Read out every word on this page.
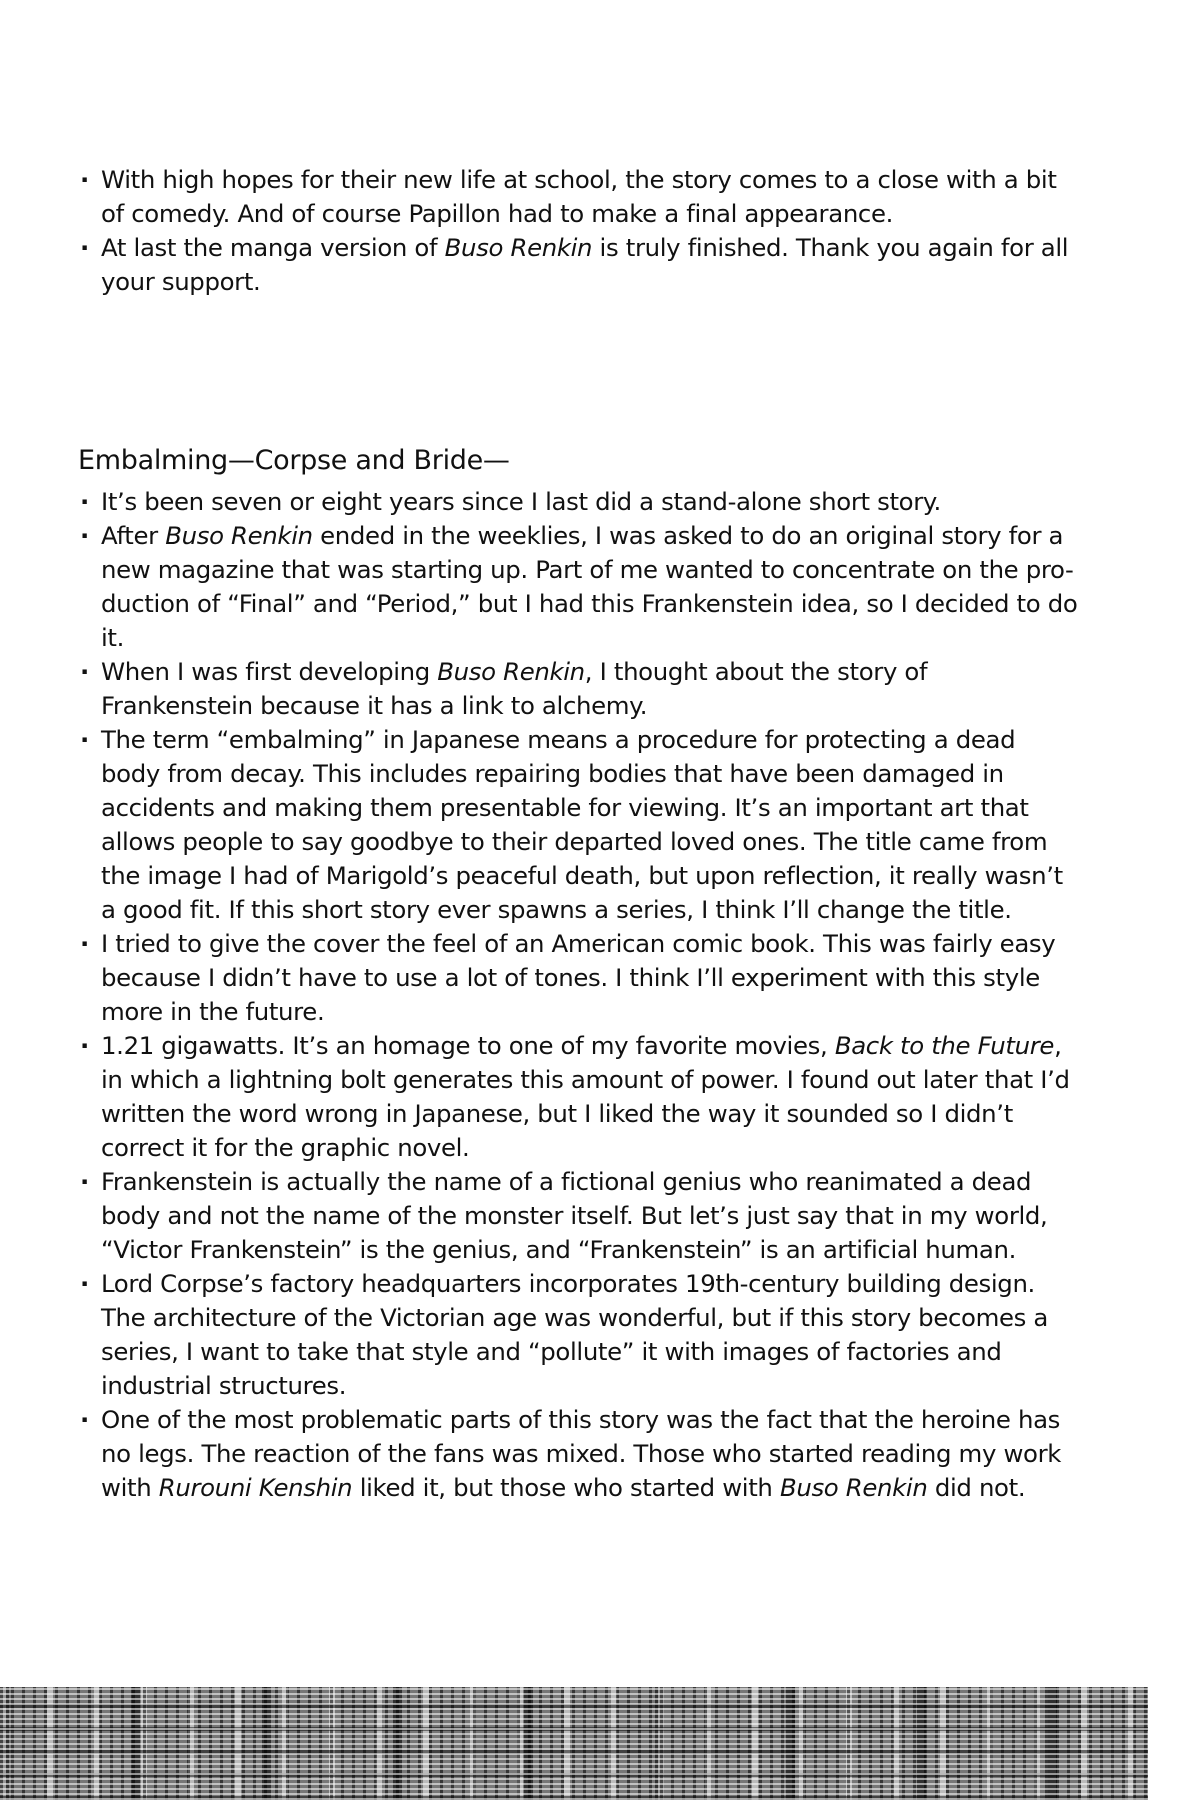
· With high hopes for their new life at school, the story comes to a close with a bit of comedy. And of course Papillon had to make a final appearance.
· At last the manga version of Buso Renkin is truly finished. Thank you again for all your support.
Embalming—Corpse and Bride—
· It’s been seven or eight years since I last did a stand-alone short story.
· After Buso Renkin ended in the weeklies, I was asked to do an original story for a new magazine that was starting up. Part of me wanted to concentrate on the pro-duction of “Final” and “Period,” but I had this Frankenstein idea, so I decided to do it.
· When I was first developing Buso Renkin, I thought about the story of Frankenstein because it has a link to alchemy.
· The term “embalming” in Japanese means a procedure for protecting a dead body from decay. This includes repairing bodies that have been damaged in accidents and making them presentable for viewing. It’s an important art that allows people to say goodbye to their departed loved ones. The title came from the image I had of Marigold’s peaceful death, but upon reflection, it really wasn’t a good fit. If this short story ever spawns a series, I think I’ll change the title.
· I tried to give the cover the feel of an American comic book. This was fairly easy because I didn’t have to use a lot of tones. I think I’ll experiment with this style more in the future.
· 1.21 gigawatts. It’s an homage to one of my favorite movies, Back to the Future, in which a lightning bolt generates this amount of power. I found out later that I’d written the word wrong in Japanese, but I liked the way it sounded so I didn’t correct it for the graphic novel.
· Frankenstein is actually the name of a fictional genius who reanimated a dead body and not the name of the monster itself. But let’s just say that in my world, “Victor Frankenstein” is the genius, and “Frankenstein” is an artificial human.
· Lord Corpse’s factory headquarters incorporates 19th-century building design. The architecture of the Victorian age was wonderful, but if this story becomes a series, I want to take that style and “pollute” it with images of factories and industrial structures.
· One of the most problematic parts of this story was the fact that the heroine has no legs. The reaction of the fans was mixed. Those who started reading my work with Rurouni Kenshin liked it, but those who started with Buso Renkin did not.
